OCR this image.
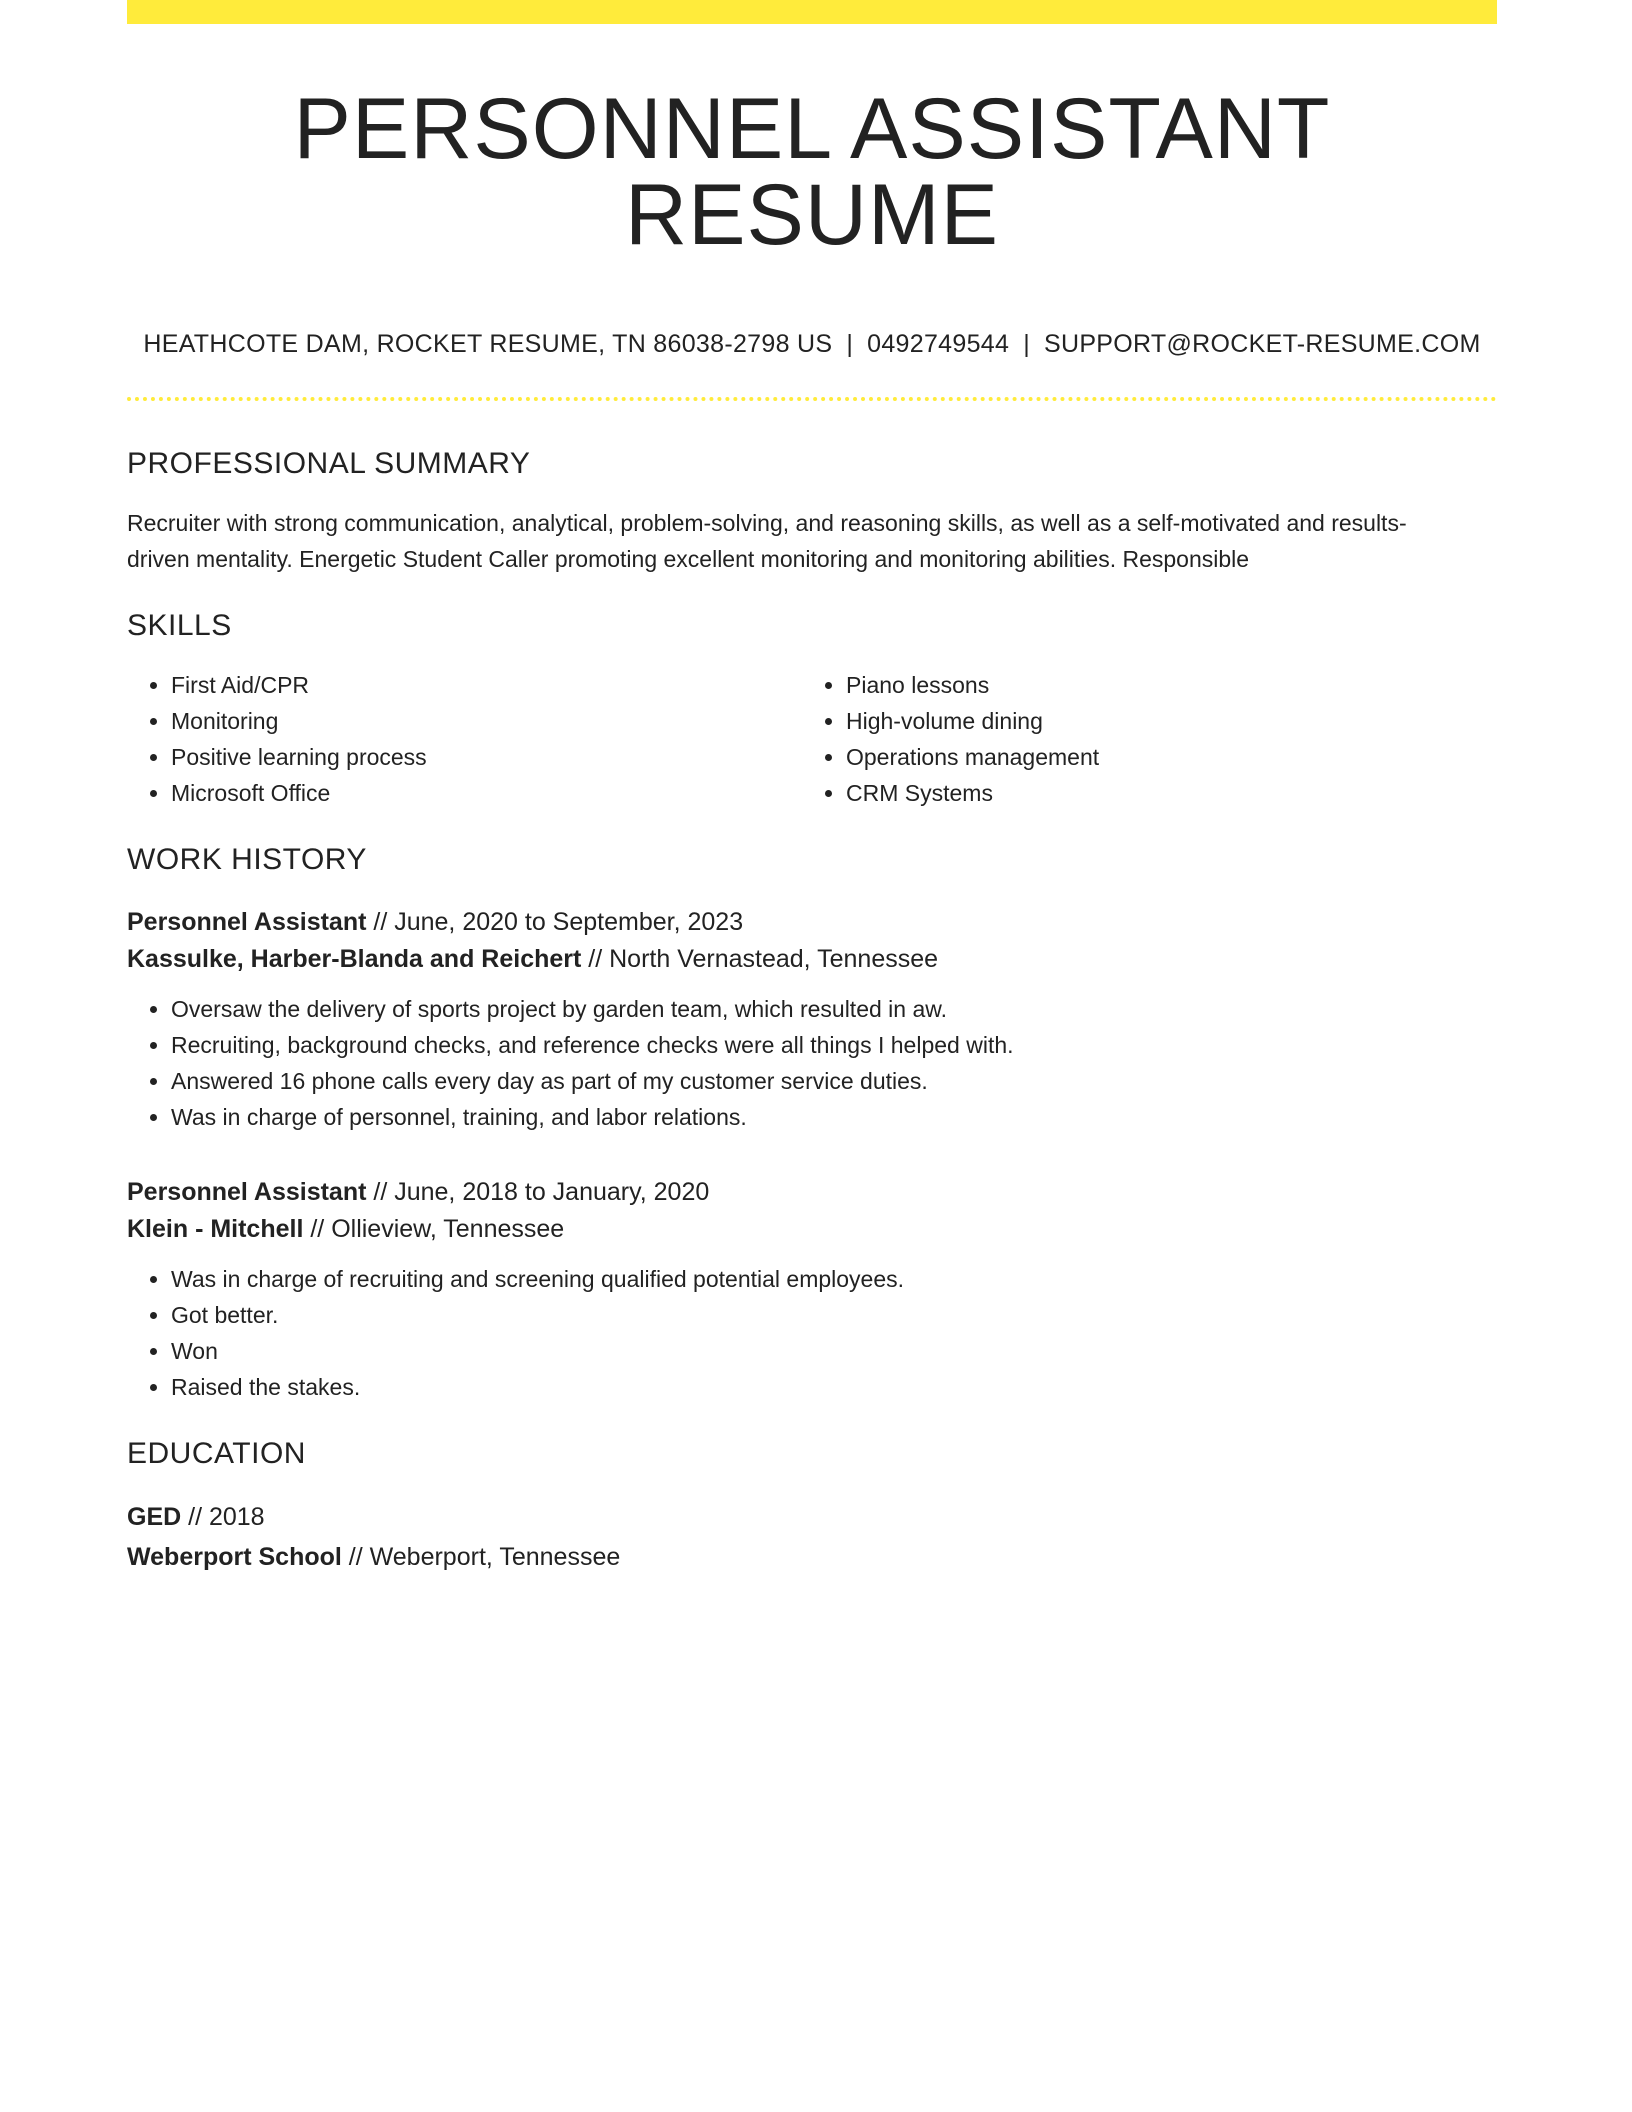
PERSONNEL ASSISTANT RESUME
HEATHCOTE DAM, ROCKET RESUME, TN 86038-2798 US | 0492749544 | SUPPORT@ROCKET-RESUME.COM
PROFESSIONAL SUMMARY
Recruiter with strong communication, analytical, problem-solving, and reasoning skills, as well as a self-motivated and results-driven mentality. Energetic Student Caller promoting excellent monitoring and monitoring abilities. Responsible
SKILLS
• First Aid/CPR
• Monitoring
• Positive learning process
• Microsoft Office
• Piano lessons
• High-volume dining
• Operations management
• CRM Systems
WORK HISTORY
Personnel Assistant // June, 2020 to September, 2023
Kassulke, Harber-Blanda and Reichert // North Vernastead, Tennessee
• Oversaw the delivery of sports project by garden team, which resulted in aw.
• Recruiting, background checks, and reference checks were all things I helped with.
• Answered 16 phone calls every day as part of my customer service duties.
• Was in charge of personnel, training, and labor relations.
Personnel Assistant // June, 2018 to January, 2020
Klein - Mitchell // Ollieview, Tennessee
• Was in charge of recruiting and screening qualified potential employees.
• Got better.
• Won
• Raised the stakes.
EDUCATION
GED // 2018
Weberport School // Weberport, Tennessee
